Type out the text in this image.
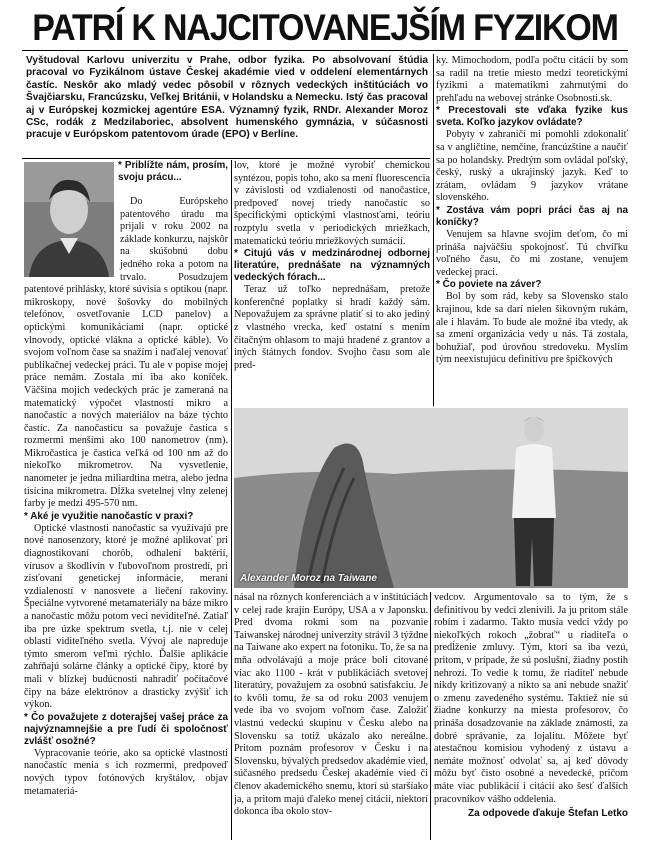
PATRÍ K NAJCITOVANEJŠÍM FYZIKOM
Vyštudoval Karlovu univerzitu v Prahe, odbor fyzika. Po absolvovaní štúdia pracoval vo Fyzikálnom ústave Českej akadémie vied v oddelení elementárnych častíc. Neskôr ako mladý vedec pôsobil v rôznych vedeckých inštitúciách vo Švajčiarsku, Francúzsku, Veľkej Británii, v Holandsku a Nemecku. Istý čas pracoval aj v Európskej kozmickej agentúre ESA. Významný fyzik, RNDr. Alexander Moroz CSc, rodák z Medzilaboriec, absolvent humenského gymnázia, v súčasnosti pracuje v Európskom patentovom úrade (EPO) v Berlíne.

ky. Mimochodom, podľa počtu citácií by som sa radil na tretie miesto medzi teoretickými fyzikmi a matematikmi zahrnutými do prehľadu na webovej stránke Osobnosti.sk.

* Precestovali ste vďaka fyzike kus sveta. Koľko jazykov ovládate?

Pobyty v zahraničí mi pomohli zdokonaliť sa v angličtine, nemčine, francúzštine a naučiť sa po holandsky. Predtým som ovládal poľský, český, ruský a ukrajinský jazyk. Keď to zrátam, ovládam 9 jazykov vrátane slovenského.

* Zostáva vám popri práci čas aj na koníčky?

Venujem sa hlavne svojim deťom, čo mi prináša najväčšiu spokojnosť. Tú chvíľku voľného času, čo mi zostane, venujem vedeckej praci.

* Čo poviete na záver?

Bol by som rád, keby sa Slovensko stalo krajinou, kde sa darí nielen šikovným rukám, ale i hlavám. To bude ale možné iba vtedy, ak sa zmení organizácia vedy u nás. Tá zostala, bohužiaľ, pod úrovňou stredoveku. Myslím tým neexistujúcu definitívu pre špičkových

* Priblížte nám, prosím, svoju prácu...

Do Európskeho patentového úradu ma prijali v roku 2002 na základe konkurzu, najskôr na skúšobnú dobu jedného roka a potom na trvalo. Posudzujem patentové prihlásky, ktoré súvisia s optikou (napr. mikroskopy, nové šošovky do mobilných telefónov, osvetľovanie LCD panelov) a optickými komunikáciami (napr. optické vlnovody, optické vlákna a optické káble). Vo svojom voľnom čase sa snažím i naďalej venovať publikačnej vedeckej práci. Tu ale v popise mojej práce nemám. Zostala mi iba ako koníček. Väčšina mojich vedeckých prác je zameraná na matematický výpočet vlastností mikro a nanočastíc a nových materiálov na báze týchto častíc. Za nanočasticu sa považuje častica s rozmermi menšími ako 100 nanometrov (nm). Mikročastica je častica veľká od 100 nm až do niekoľko mikrometrov. Na vysvetlenie, nanometer je jedna miliardtina metra, alebo jedna tisícina mikrometra. Dĺžka svetelnej vlny zelenej farby je medzi 495-570 nm.

* Aké je využitie nanočastíc v praxi?

Optické vlastnosti nanočastíc sa využívajú pre nové nanosenzory, ktoré je možné aplikovať pri diagnostikovaní chorôb, odhalení baktérií, vírusov a škodlivín v ľubovoľnom prostredí, pri zisťovaní genetickej informácie, meraní vzdialeností v nanosvete a liečení rakoviny. Špeciálne vytvorené metamateriály na báze mikro a nanočastíc môžu potom veci neviditeľné. Zatiaľ iba pre úzke spektrum svetla, t.j. nie v celej oblasti viditeľného svetla. Vývoj ale napreduje týmto smerom veľmi rýchlo. Ďalšie aplikácie zahŕňajú solárne články a optické čipy, ktoré by mali v blízkej budúcnosti nahradiť počítačové čipy na báze elektrónov a drasticky zvýšiť ich výkon.

* Čo považujete z doterajšej vašej práce za najvýznamnejšie a pre ľudí či spoločnosť zvlášť osožné?

Vypracovanie teórie, ako sa optické vlastnosti nanočastíc menia s ich rozmermi, predpoveď nových typov fotónových kryštálov, objav metamateriá-

lov, ktoré je možné vyrobiť chemickou syntézou, popis toho, ako sa mení fluorescencia v závislosti od vzdialenosti od nanočastice, predpoveď novej triedy nanočastíc so špecifickými optickými vlastnosťami, teóriu rozptylu svetla v periodických mriežkach, matematickú teóriu mriežkových sumácií.

* Citujú vás v medzinárodnej odbornej literatúre, prednášate na významných vedeckých fórach...

Teraz už toľko neprednášam, pretože konferenčné poplatky si hradí každý sám. Nepovažujem za správne platiť si to ako jediný z vlastného vrecka, keď ostatní s mením čitačným ohlasom to majú hradené z grantov a iných štátnych fondov. Svojho času som ale pred-

Alexander Moroz na Taiwane

násal na rôznych konferenciách a v inštitúciách v celej rade krajín Európy, USA a v Japonsku. Pred dvoma rokmi som na pozvanie Taiwanskej národnej univerzity strávil 3 týždne na Taiwane ako expert na fotoniku. To, že sa na mňa odvolávajú a moje práce boli citované viac ako 1100 - krát v publikáciách svetovej literatúry, považujem za osobnú satisfakciu. Je to kvôli tomu, že sa od roku 2003 venujem vede iba vo svojom voľnom čase. Založiť vlastnú vedeckú skupinu v Česku alebo na Slovensku sa totiž ukázalo ako nereálne. Pritom poznám profesorov v Česku i na Slovensku, bývalých predsedov akadémie vied, súčasného predsedu Českej akadémie vied či členov akademického snemu, ktorí sú staršíako ja, a pritom majú ďaleko menej citácií, niektorí dokonca iba okolo stov-

vedcov. Argumentovalo sa to tým, že s definitívou by vedci zlenivili. Ja ju pritom stále robím i zadarmo. Takto musia vedci vždy po niekoľkých rokoch „žobrať“ u riaditeľa o predĺženie zmluvy. Tým, ktorí sa iba vezú, pritom, v prípade, že sú poslušní, žiadny postih nehrozí. To vedie k tomu, že riaditeľ nebude nikdy kritizovaný a nikto sa ani nebude snažiť o zmenu zavedeného systému. Taktiež nie sú žiadne konkurzy na miesta profesorov, čo prináša dosadzovanie na základe známosti, za dobré správanie, za lojalitu. Môžete byť atestačnou komisiou vyhodený z ústavu a nemáte možnosť odvolať sa, aj keď dôvody môžu byť čisto osobné a nevedecké, pričom máte viac publikácií i citácií ako šesť ďalších pracovníkov vášho oddelenia.

Za odpovede ďakuje Štefan Letko
